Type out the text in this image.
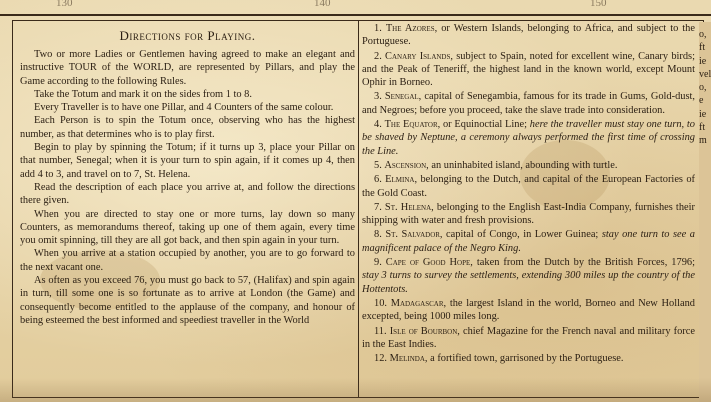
130	140	150
Directions for Playing.

Two or more Ladies or Gentlemen having agreed to make an elegant and instructive TOUR of the WORLD, are represented by Pillars, and play the Game according to the following Rules.

Take the Totum and mark it on the sides from 1 to 8.

Every Traveller is to have one Pillar, and 4 Counters of the same colour.

Each Person is to spin the Totum once, observing who has the highest number, as that determines who is to play first.

Begin to play by spinning the Totum; if it turns up 3, place your Pillar on that number, Senegal; when it is your turn to spin again, if it comes up 4, then add 4 to 3, and travel on to 7, St. Helena.

Read the description of each place you arrive at, and follow the directions there given.

When you are directed to stay one or more turns, lay down so many Counters, as memorandums thereof, taking up one of them again, every time you omit spinning, till they are all got back, and then spin again in your turn.

When you arrive at a station occupied by another, you are to go forward to the next vacant one.

As often as you exceed 76, you must go back to 57, (Halifax) and spin again in turn, till some one is so fortunate as to arrive at London (the Game) and consequently become entitled to the applause of the company, and honour of being esteemed the best informed and speediest traveller in the World

1. The Azores, or Western Islands, belonging to Africa, and subject to the Portuguese.

2. Canary Islands, subject to Spain, noted for excellent wine, Canary birds; and the Peak of Teneriff, the highest land in the known world, except Mount Ophir in Borneo.

3. Senegal, capital of Senegambia, famous for its trade in Gums, Gold-dust, and Negroes; before you proceed, take the slave trade into consideration.

4. The Equator, or Equinoctial Line; here the traveller must stay one turn, to be shaved by Neptune, a ceremony always performed the first time of crossing the Line.

5. Ascension, an uninhabited island, abounding with turtle.

6. Elmina, belonging to the Dutch, and capital of the European Factories of the Gold Coast.

7. St. Helena, belonging to the English East-India Company, furnishes their shipping with water and fresh provisions.

8. St. Salvador, capital of Congo, in Lower Guinea; stay one turn to see a magnificent palace of the Negro King.

9. Cape of Good Hope, taken from the Dutch by the British Forces, 1796; stay 3 turns to survey the settlements, extending 300 miles up the country of the Hottentots.

10. Madagascar, the largest Island in the world, Borneo and New Holland excepted, being 1000 miles long.

11. Isle of Bourbon, chief Magazine for the French naval and military force in the East Indies.

12. Melinda, a fortified town, garrisoned by the Portuguese.

o,
ft
ie
vel
o,
e
ie
ft
m
